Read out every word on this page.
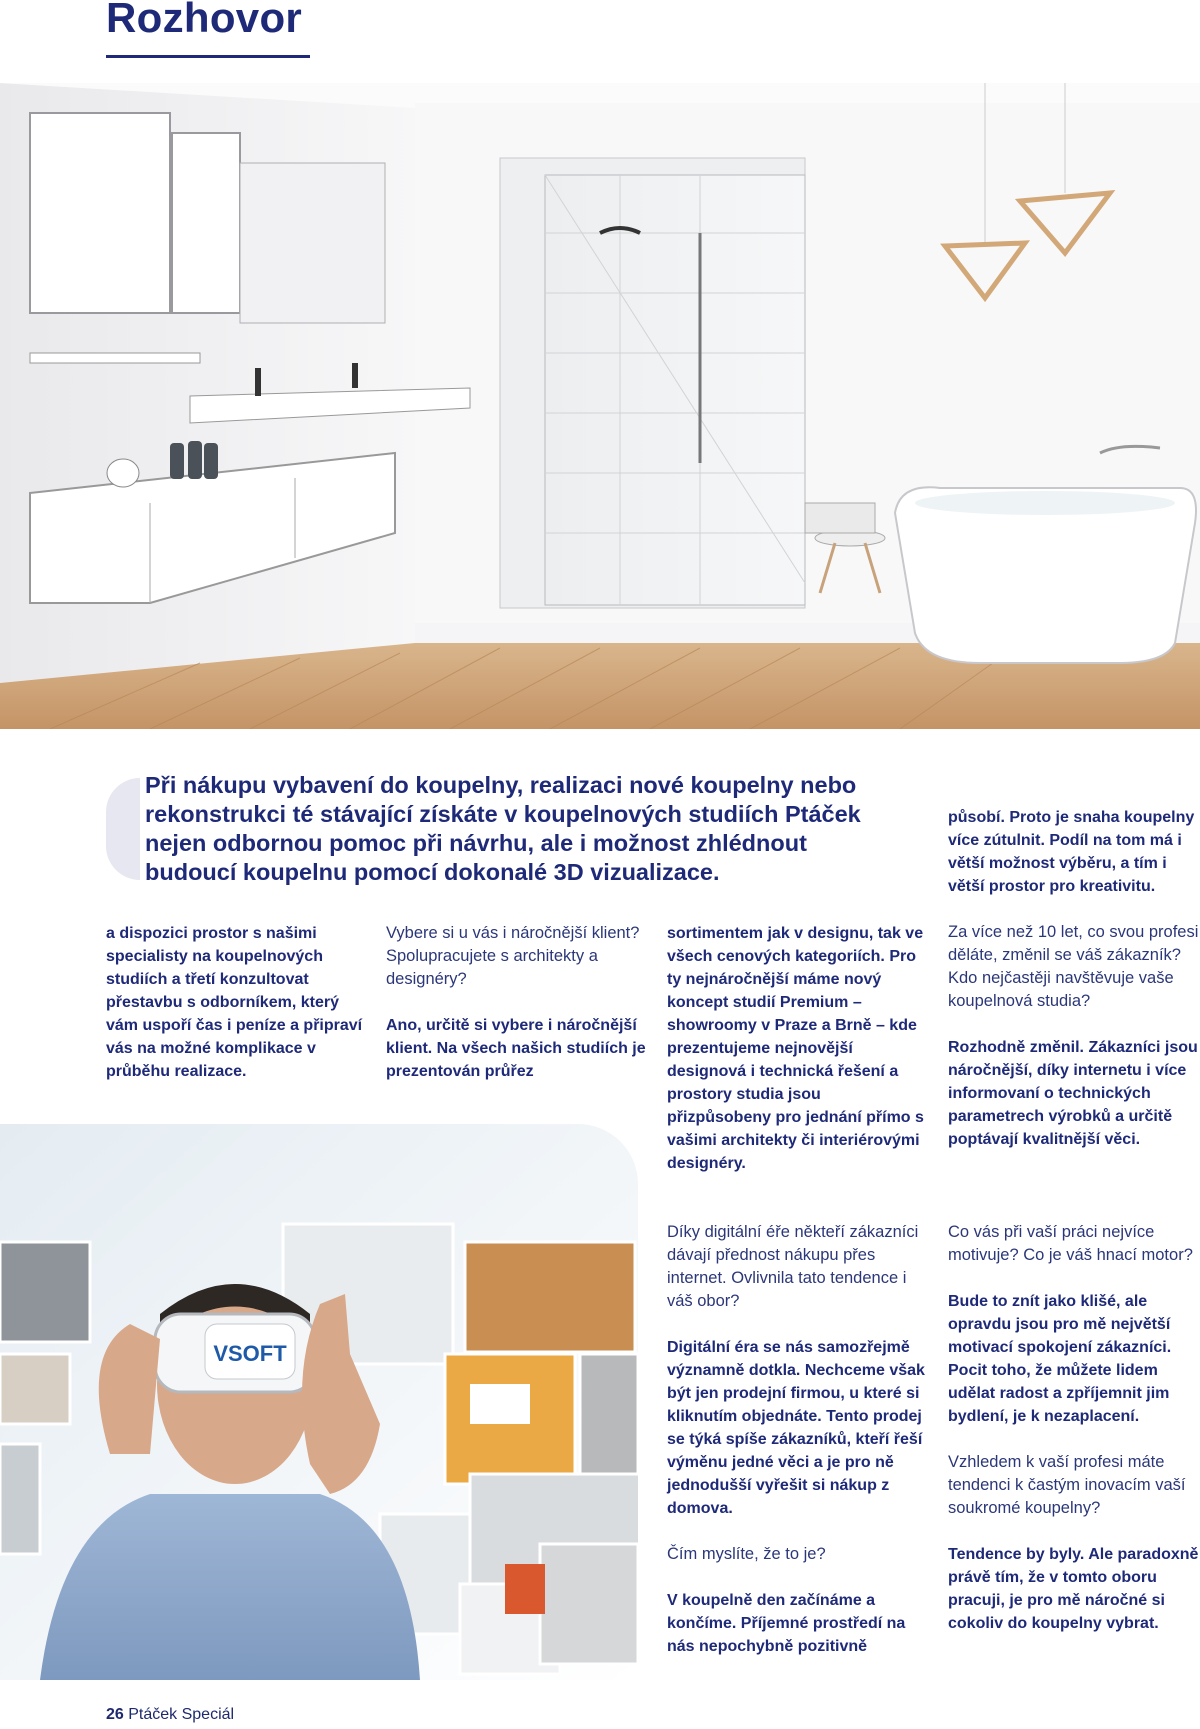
Rozhovor

Při nákupu vybavení do koupelny, realizaci nové koupelny nebo rekonstrukci té stávající získáte v koupelnových studiích Ptáček nejen odbornou pomoc při návrhu, ale i možnost zhlédnout budoucí koupelnu pomocí dokonalé 3D vizualizace.

a dispozici prostor s našimi specialisty na koupelnových studiích a třetí konzultovat přestavbu s odborníkem, který vám uspoří čas i peníze a připraví vás na možné komplikace v průběhu realizace.

Vybere si u vás i náročnější klient? Spolupracujete s architekty a designéry?

Ano, určitě si vybere i náročnější klient. Na všech našich studiích je prezentován průřez

sortimentem jak v designu, tak ve všech cenových kategoriích. Pro ty nejnáročnější máme nový koncept studií Premium – showroomy v Praze a Brně – kde prezentujeme nejnovější designová i technická řešení a prostory studia jsou přizpůsobeny pro jednání přímo s vašimi architekty či interiérovými designéry.

Díky digitální éře někteří zákazníci dávají přednost nákupu přes internet. Ovlivnila tato tendence i váš obor?

Digitální éra se nás samozřejmě významně dotkla. Nechceme však být jen prodejní firmou, u které si kliknutím objednáte. Tento prodej se týká spíše zákazníků, kteří řeší výměnu jedné věci a je pro ně jednodušší vyřešit si nákup z domova.

Čím myslíte, že to je?

V koupelně den začínáme a končíme. Příjemné prostředí na nás nepochybně pozitivně

působí. Proto je snaha koupelny více zútulnit. Podíl na tom má i větší možnost výběru, a tím i větší prostor pro kreativitu.

Za více než 10 let, co svou profesi děláte, změnil se váš zákazník? Kdo nejčastěji navštěvuje vaše koupelnová studia?

Rozhodně změnil. Zákazníci jsou náročnější, díky internetu i více informovaní o technických parametrech výrobků a určitě poptávají kvalitnější věci.

Co vás při vaší práci nejvíce motivuje? Co je váš hnací motor?

Bude to znít jako klišé, ale opravdu jsou pro mě největší motivací spokojení zákazníci. Pocit toho, že můžete lidem udělat radost a zpříjemnit jim bydlení, je k nezaplacení.

Vzhledem k vaší profesi máte tendenci k častým inovacím vaší soukromé koupelny?

Tendence by byly. Ale paradoxně právě tím, že v tomto oboru pracuji, je pro mě náročné si cokoliv do koupelny vybrat.

VSOFT
26 Ptáček Speciál
